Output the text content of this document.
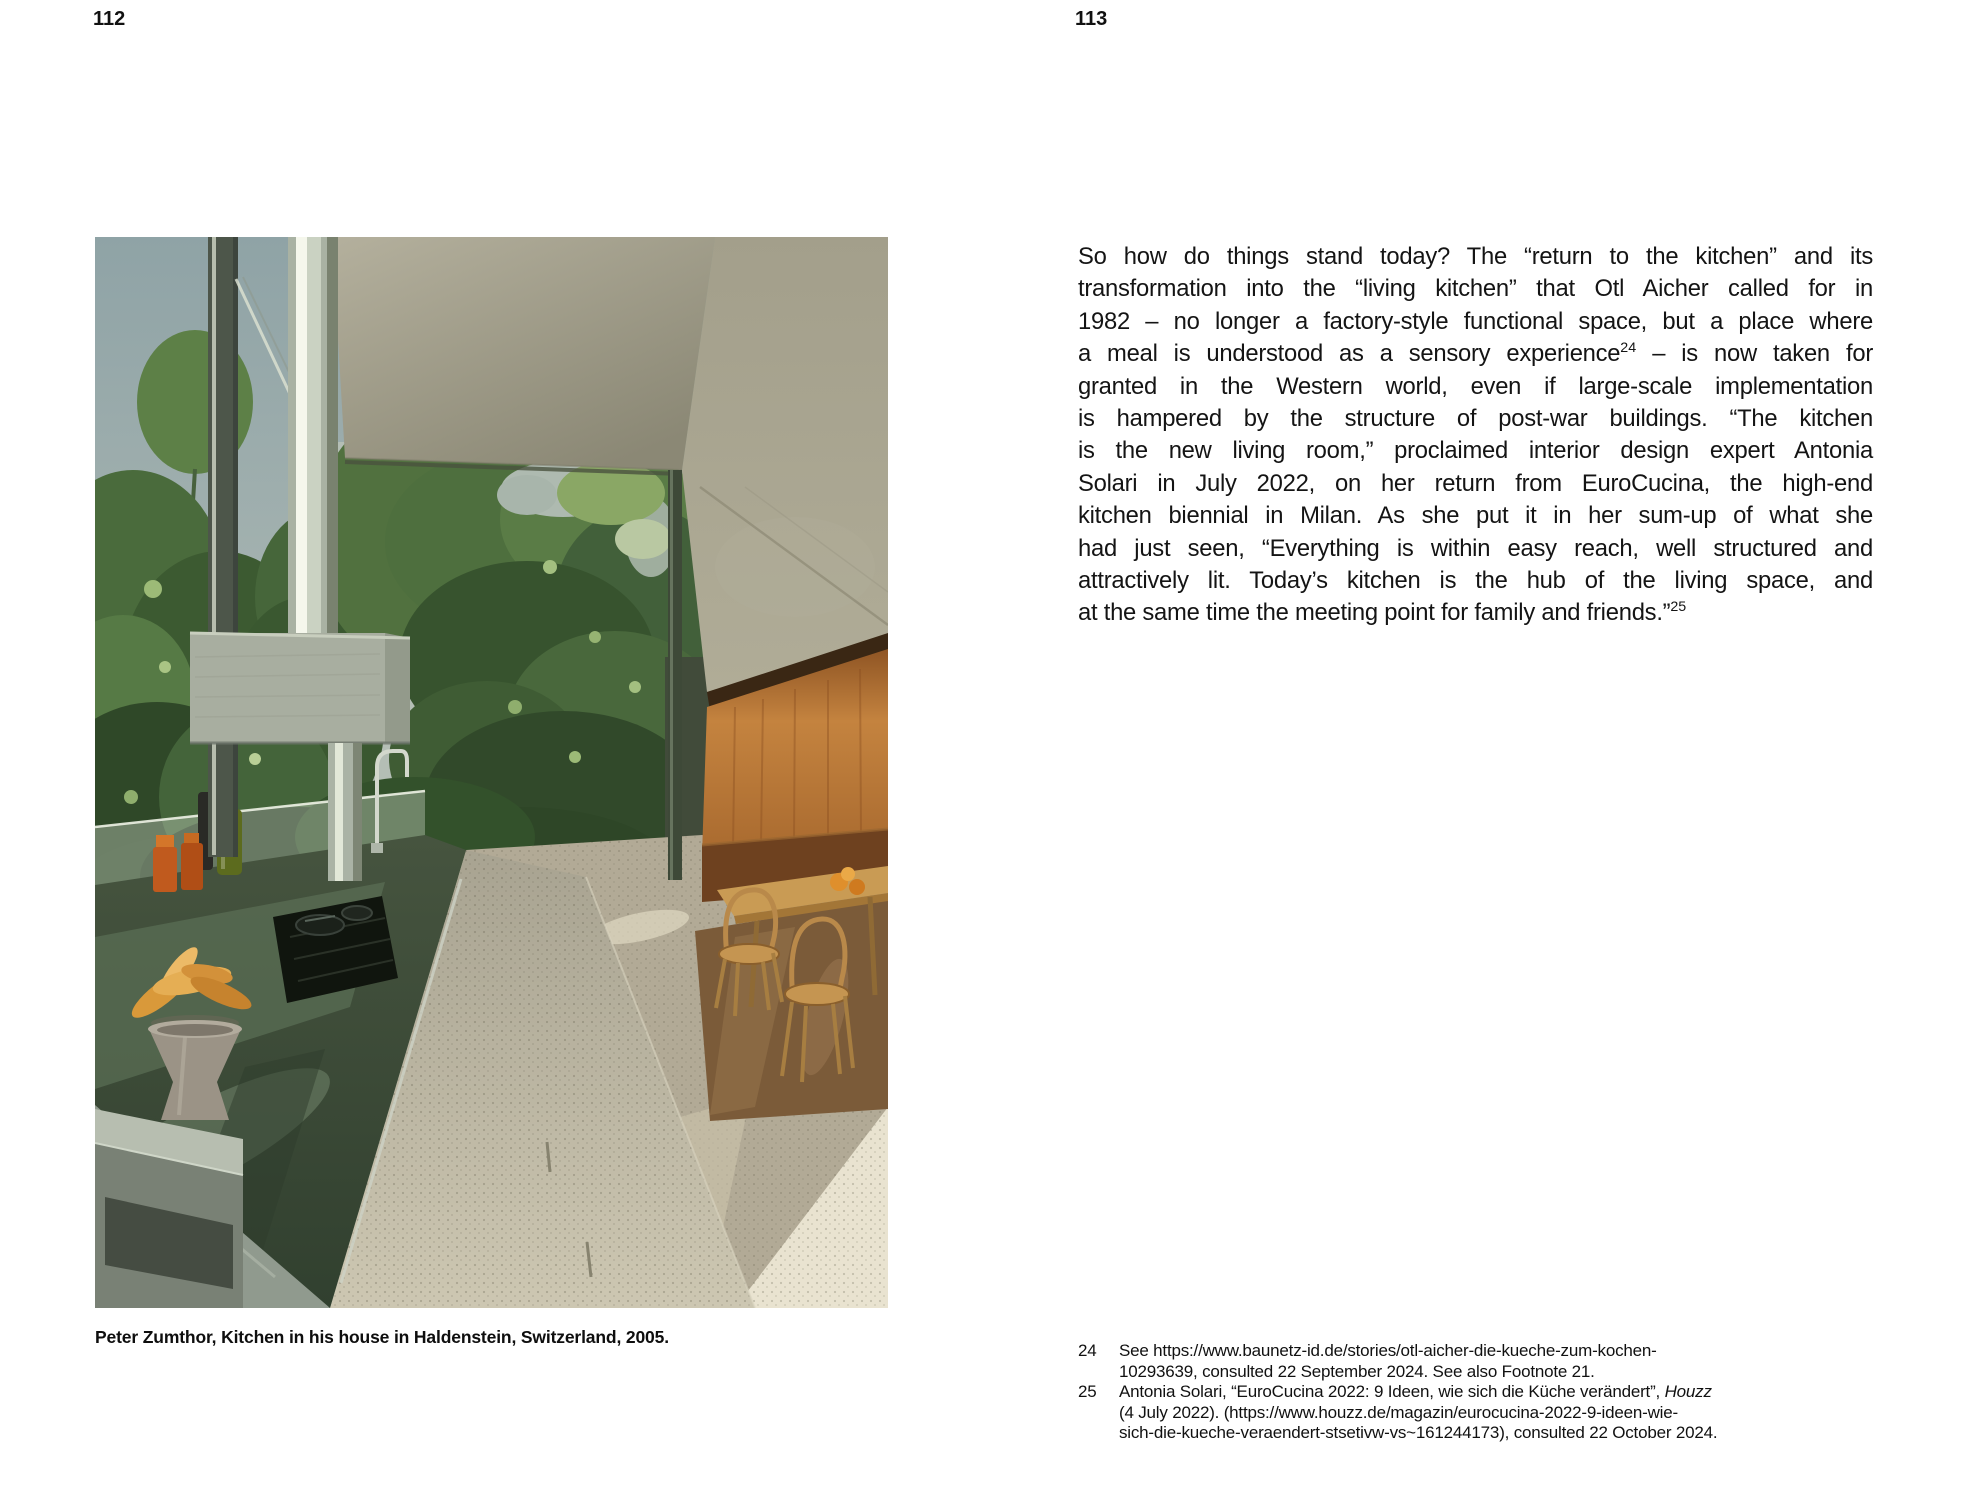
112
Peter Zumthor, Kitchen in his house in Haldenstein, Switzerland, 2005.
113
So how do things stand today? The “return to the kitchen” and its
transformation into the “living kitchen” that Otl Aicher called for in
1982 – no longer a factory-style functional space, but a place where
a meal is understood as a sensory experience$^{24}$ – is now taken for
granted in the Western world, even if large-scale implementation
is hampered by the structure of post-war buildings. “The kitchen
is the new living room,” proclaimed interior design expert Antonia
Solari in July 2022, on her return from EuroCucina, the high-end
kitchen biennial in Milan. As she put it in her sum-up of what she
had just seen, “Everything is within easy reach, well structured and
attractively lit. Today’s kitchen is the hub of the living space, and
at the same time the meeting point for family and friends.”$^{25}$
24	See https://www.baunetz-id.de/stories/otl-aicher-die-kueche-zum-kochen-
10293639, consulted 22 September 2024. See also Footnote 21.
25	Antonia Solari, “EuroCucina 2022: 9 Ideen, wie sich die Küche verändert”, Houzz
(4 July 2022). (https://www.houzz.de/magazin/eurocucina-2022-9-ideen-wie-
sich-die-kueche-veraendert-stsetivw-vs~161244173), consulted 22 October 2024.
